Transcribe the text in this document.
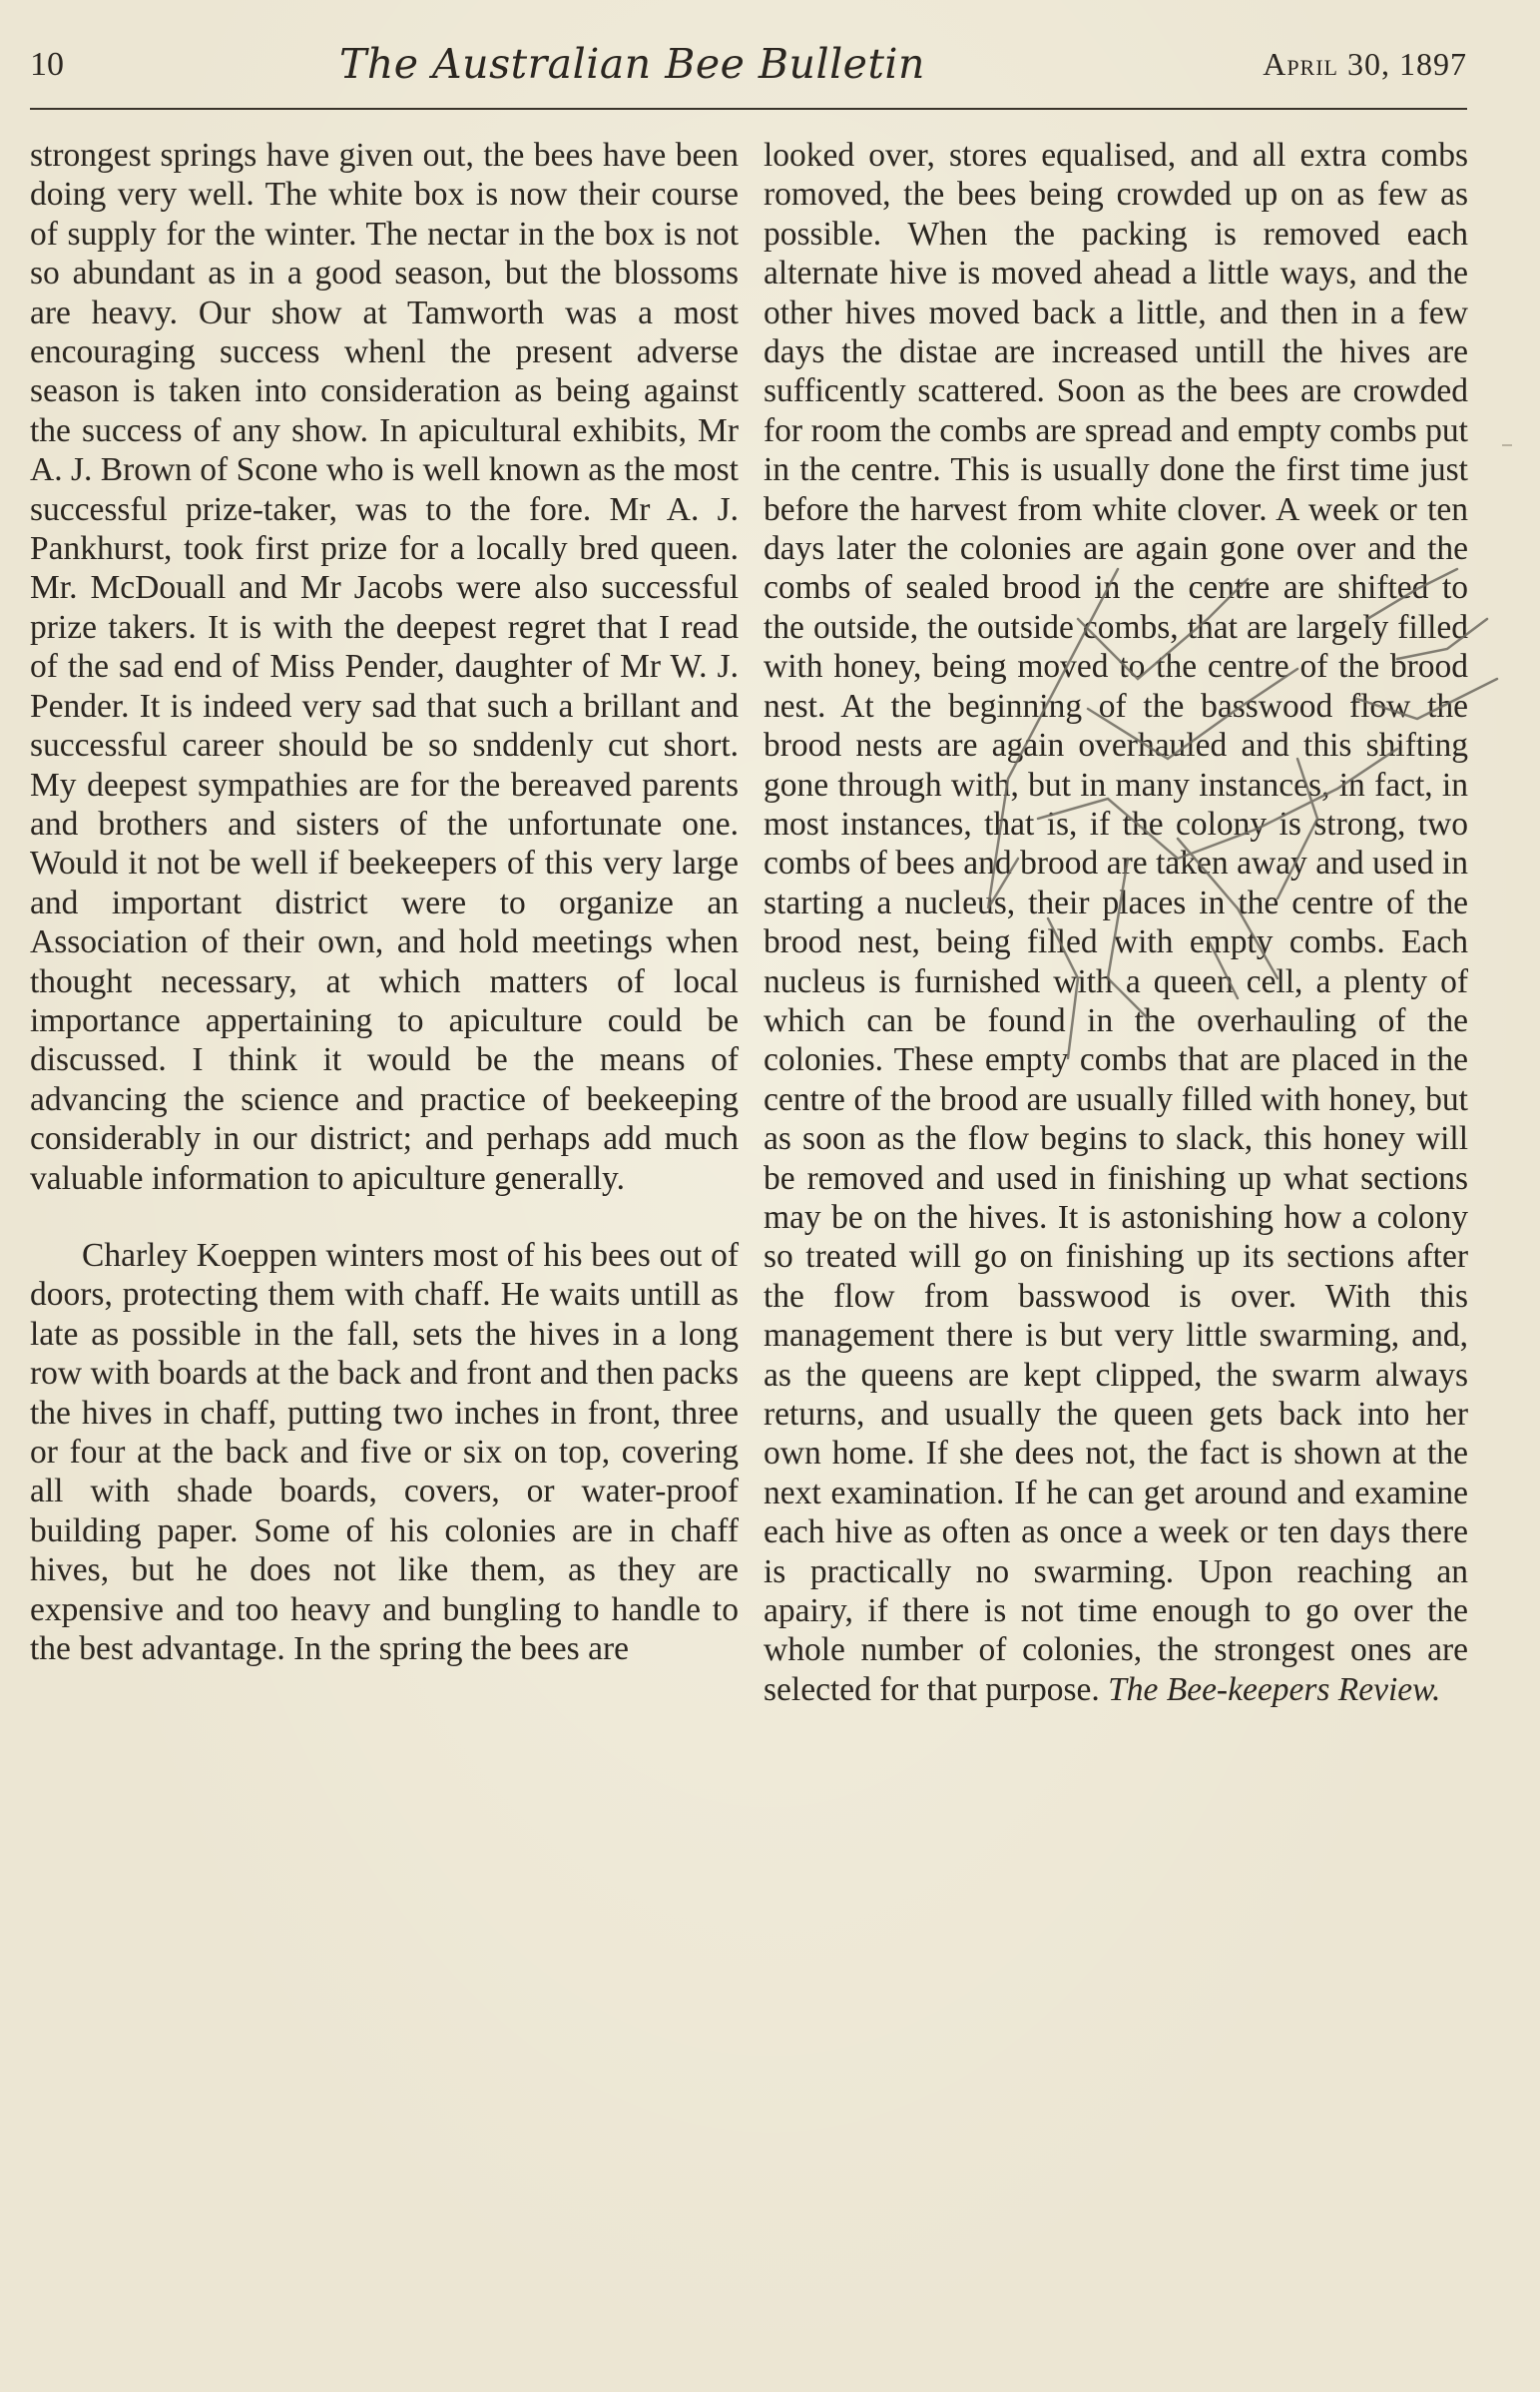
10	The Australian Bee Bulletin	April 30, 1897

strongest springs have given out, the bees have been doing very well. The white box is now their course of supply for the winter. The nectar in the box is not so abundant as in a good season, but the blossoms are heavy. Our show at Tamworth was a most encouraging success whenl the present adverse season is taken into consideration as being against the success of any show. In apicultural exhibits, Mr A. J. Brown of Scone who is well known as the most successful prize-taker, was to the fore. Mr A. J. Pankhurst, took first prize for a locally bred queen. Mr. McDouall and Mr Jacobs were also successful prize takers. It is with the deepest regret that I read of the sad end of Miss Pender, daughter of Mr W. J. Pender. It is indeed very sad that such a brillant and successful career should be so snddenly cut short. My deepest sympathies are for the bereaved parents and brothers and sisters of the unfortunate one. Would it not be well if beekeepers of this very large and important district were to organize an Association of their own, and hold meetings when thought necessary, at which matters of local importance appertaining to apiculture could be discussed. I think it would be the means of advancing the science and practice of beekeeping considerably in our district; and perhaps add much valuable information to apiculture generally.

Charley Koeppen winters most of his bees out of doors, protecting them with chaff. He waits untill as late as possible in the fall, sets the hives in a long row with boards at the back and front and then packs the hives in chaff, putting two inches in front, three or four at the back and five or six on top, covering all with shade boards, covers, or water-proof building paper. Some of his colonies are in chaff hives, but he does not like them, as they are expensive and too heavy and bungling to handle to the best advantage. In the spring the bees are

looked over, stores equalised, and all extra combs romoved, the bees being crowded up on as few as possible. When the packing is removed each alternate hive is moved ahead a little ways, and the other hives moved back a little, and then in a few days the distae are increased untill the hives are sufficently scattered. Soon as the bees are crowded for room the combs are spread and empty combs put in the centre. This is usually done the first time just before the harvest from white clover. A week or ten days later the colonies are again gone over and the combs of sealed brood in the centre are shifted to the outside, the outside combs, that are largely filled with honey, being moved to the centre of the brood nest. At the beginning of the basswood flow the brood nests are again overhauled and this shifting gone through with, but in many instances, in fact, in most instances, that is, if the colony is strong, two combs of bees and brood are taken away and used in starting a nucleus, their places in the centre of the brood nest, being filled with empty combs. Each nucleus is furnished with a queen cell, a plenty of which can be found in the overhauling of the colonies. These empty combs that are placed in the centre of the brood are usually filled with honey, but as soon as the flow begins to slack, this honey will be removed and used in finishing up what sections may be on the hives. It is astonishing how a colony so treated will go on finishing up its sections after the flow from basswood is over. With this management there is but very little swarming, and, as the queens are kept clipped, the swarm always returns, and usually the queen gets back into her own home. If she dees not, the fact is shown at the next examination. If he can get around and examine each hive as often as once a week or ten days there is practically no swarming. Upon reaching an apairy, if there is not time enough to go over the whole number of colonies, the strongest ones are selected for that purpose. The Bee-keepers Review.
